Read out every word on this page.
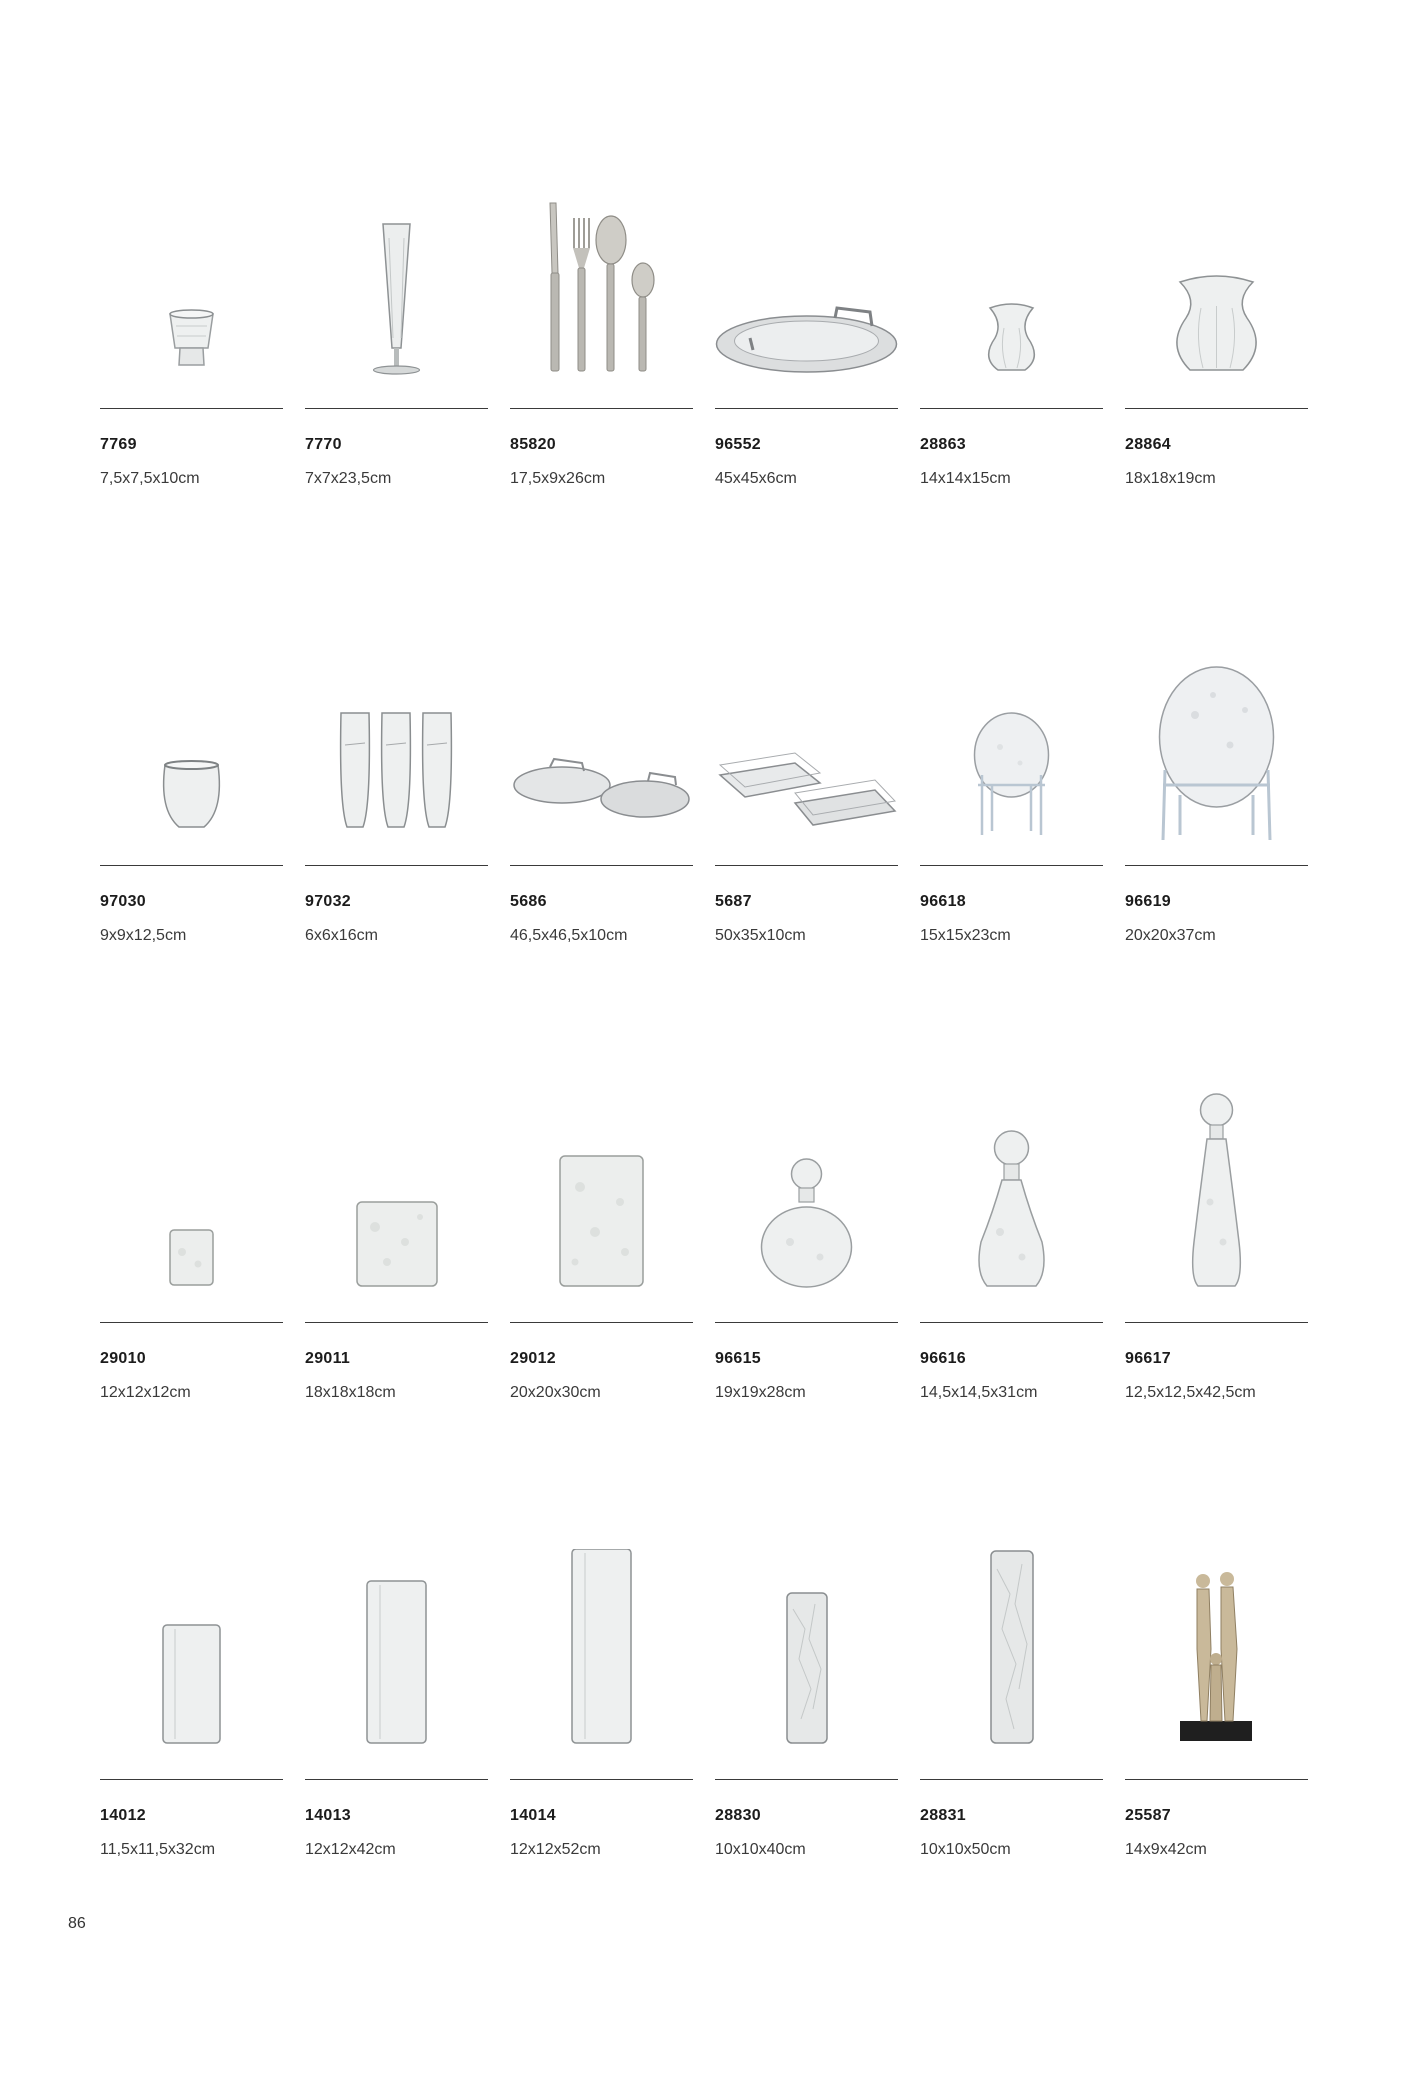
7769
7,5x7,5x10cm
7770
7x7x23,5cm
85820
17,5x9x26cm
96552
45x45x6cm
28863
14x14x15cm
28864
18x18x19cm
97030
9x9x12,5cm
97032
6x6x16cm
5686
46,5x46,5x10cm
5687
50x35x10cm
96618
15x15x23cm
96619
20x20x37cm
29010
12x12x12cm
29011
18x18x18cm
29012
20x20x30cm
96615
19x19x28cm
96616
14,5x14,5x31cm
96617
12,5x12,5x42,5cm
14012
11,5x11,5x32cm
14013
12x12x42cm
14014
12x12x52cm
28830
10x10x40cm
28831
10x10x50cm
25587
14x9x42cm
86
